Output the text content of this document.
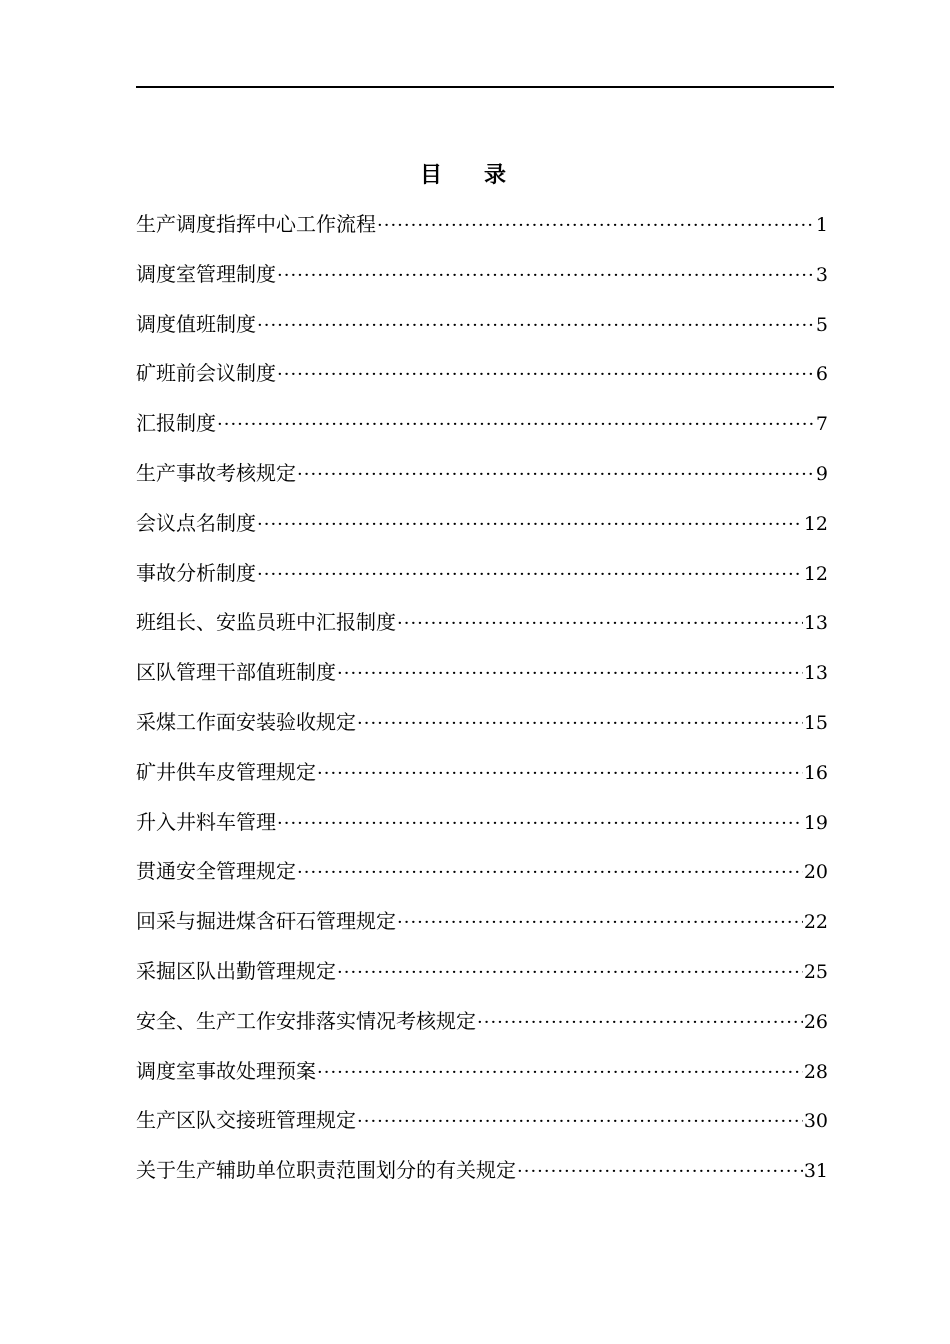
目录
生产调度指挥中心工作流程 ·····	1
调度室管理制度 ·····	3
调度值班制度 ·····	5
矿班前会议制度 ·····	6
汇报制度 ·····	7
生产事故考核规定 ·····	9
会议点名制度 ·····	12
事故分析制度 ·····	12
班组长、安监员班中汇报制度 ·····	13
区队管理干部值班制度 ·····	13
采煤工作面安装验收规定 ·····	15
矿井供车皮管理规定 ·····	16
升入井料车管理 ·····	19
贯通安全管理规定 ·····	20
回采与掘进煤含矸石管理规定 ·····	22
采掘区队出勤管理规定 ·····	25
安全、生产工作安排落实情况考核规定 ·····	26
调度室事故处理预案 ·····	28
生产区队交接班管理规定 ·····	30
关于生产辅助单位职责范围划分的有关规定 ·····	31
